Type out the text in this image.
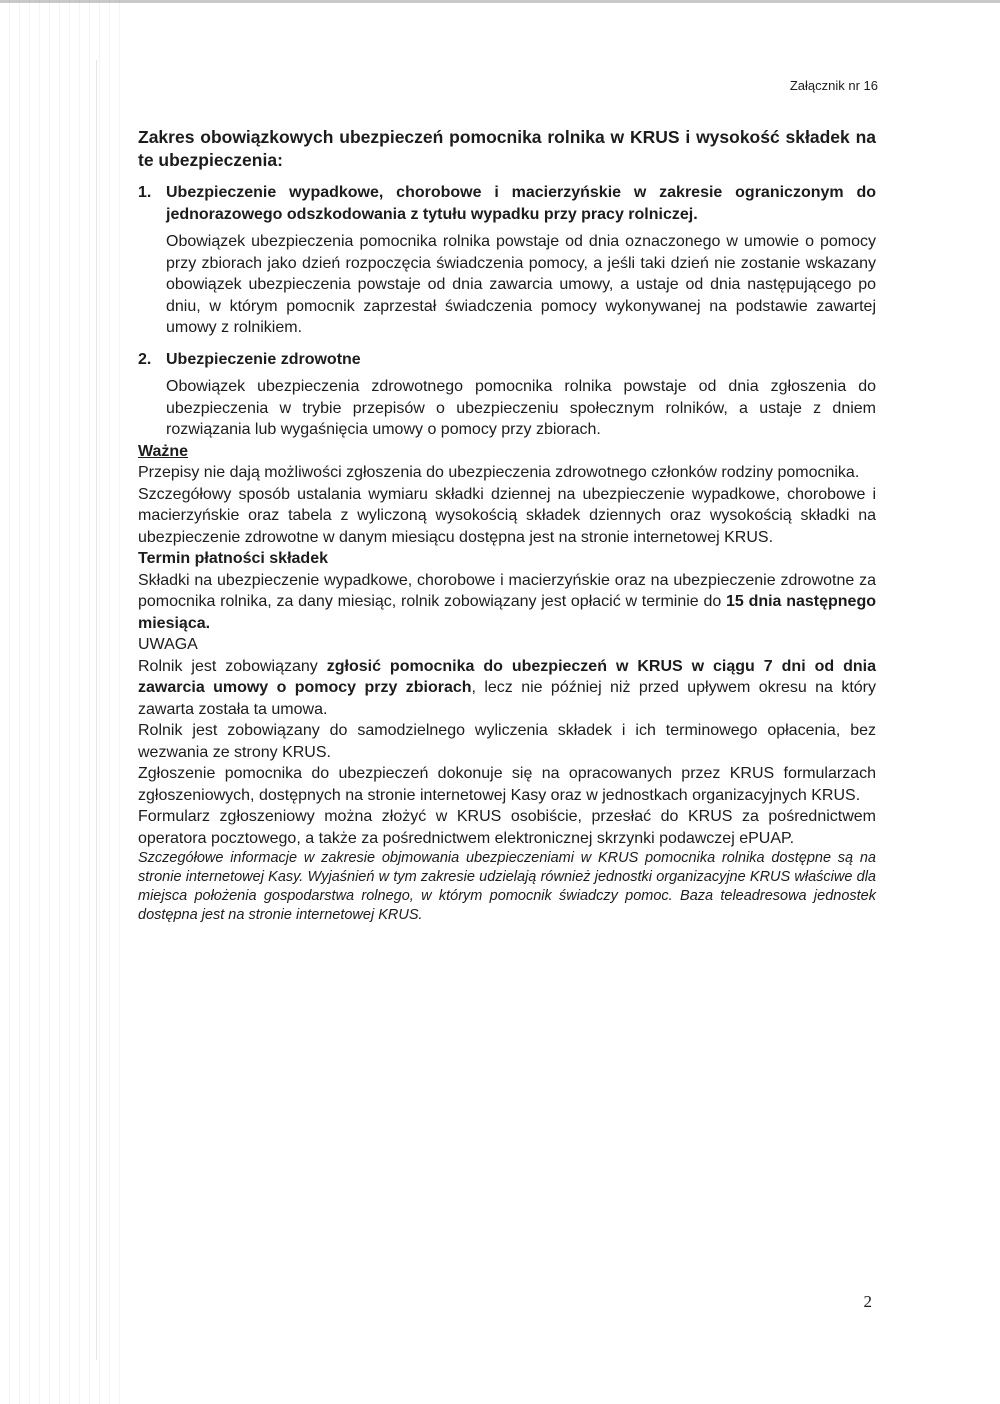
Załącznik nr 16

Zakres obowiązkowych ubezpieczeń pomocnika rolnika w KRUS i wysokość składek na te ubezpieczenia:

1. Ubezpieczenie wypadkowe, chorobowe i macierzyńskie w zakresie ograniczonym do jednorazowego odszkodowania z tytułu wypadku przy pracy rolniczej.

Obowiązek ubezpieczenia pomocnika rolnika powstaje od dnia oznaczonego w umowie o pomocy przy zbiorach jako dzień rozpoczęcia świadczenia pomocy, a jeśli taki dzień nie zostanie wskazany obowiązek ubezpieczenia powstaje od dnia zawarcia umowy, a ustaje od dnia następującego po dniu, w którym pomocnik zaprzestał świadczenia pomocy wykonywanej na podstawie zawartej umowy z rolnikiem.

2. Ubezpieczenie zdrowotne

Obowiązek ubezpieczenia zdrowotnego pomocnika rolnika powstaje od dnia zgłoszenia do ubezpieczenia w trybie przepisów o ubezpieczeniu społecznym rolników, a ustaje z dniem rozwiązania lub wygaśnięcia umowy o pomocy przy zbiorach.

Ważne

Przepisy nie dają możliwości zgłoszenia do ubezpieczenia zdrowotnego członków rodziny pomocnika.

Szczegółowy sposób ustalania wymiaru składki dziennej na ubezpieczenie wypadkowe, chorobowe i macierzyńskie oraz tabela z wyliczoną wysokością składek dziennych oraz wysokością składki na ubezpieczenie zdrowotne w danym miesiącu dostępna jest na stronie internetowej KRUS.

Termin płatności składek

Składki na ubezpieczenie wypadkowe, chorobowe i macierzyńskie oraz na ubezpieczenie zdrowotne za pomocnika rolnika, za dany miesiąc, rolnik zobowiązany jest opłacić w terminie do 15 dnia następnego miesiąca.

UWAGA

Rolnik jest zobowiązany zgłosić pomocnika do ubezpieczeń w KRUS w ciągu 7 dni od dnia zawarcia umowy o pomocy przy zbiorach, lecz nie później niż przed upływem okresu na który zawarta została ta umowa.

Rolnik jest zobowiązany do samodzielnego wyliczenia składek i ich terminowego opłacenia, bez wezwania ze strony KRUS.

Zgłoszenie pomocnika do ubezpieczeń dokonuje się na opracowanych przez KRUS formularzach zgłoszeniowych, dostępnych na stronie internetowej Kasy oraz w jednostkach organizacyjnych KRUS.

Formularz zgłoszeniowy można złożyć w KRUS osobiście, przesłać do KRUS za pośrednictwem operatora pocztowego, a także za pośrednictwem elektronicznej skrzynki podawczej ePUAP.

Szczegółowe informacje w zakresie objmowania ubezpieczeniami w KRUS pomocnika rolnika dostępne są na stronie internetowej Kasy. Wyjaśnień w tym zakresie udzielają również jednostki organizacyjne KRUS właściwe dla miejsca położenia gospodarstwa rolnego, w którym pomocnik świadczy pomoc. Baza teleadresowa jednostek dostępna jest na stronie internetowej KRUS.

2
